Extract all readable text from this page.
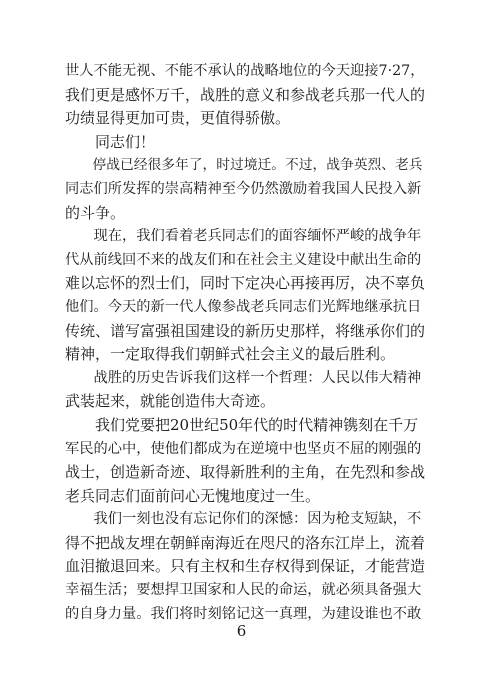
世人不能无视、不能不承认的战略地位的今天迎接7·27，
我们更是感怀万千，战胜的意义和参战老兵那一代人的
功绩显得更加可贵，更值得骄傲。
　　同志们！
　　停战已经很多年了，时过境迁。不过，战争英烈、老兵
同志们所发挥的崇高精神至今仍然激励着我国人民投入新
的斗争。
　　现在，我们看着老兵同志们的面容缅怀严峻的战争年
代从前线回不来的战友们和在社会主义建设中献出生命的
难以忘怀的烈士们，同时下定决心再接再厉，决不辜负
他们。今天的新一代人像参战老兵同志们光辉地继承抗日
传统、谱写富强祖国建设的新历史那样，将继承你们的
精神，一定取得我们朝鲜式社会主义的最后胜利。
　　战胜的历史告诉我们这样一个哲理：人民以伟大精神
武装起来，就能创造伟大奇迹。
　　我们党要把20世纪50年代的时代精神镌刻在千万
军民的心中，使他们都成为在逆境中也坚贞不屈的刚强的
战士，创造新奇迹、取得新胜利的主角，在先烈和参战
老兵同志们面前问心无愧地度过一生。
　　我们一刻也没有忘记你们的深憾：因为枪支短缺，不
得不把战友埋在朝鲜南海近在咫尺的洛东江岸上，流着
血泪撤退回来。只有主权和生存权得到保证，才能营造
幸福生活；要想捍卫国家和人民的命运，就必须具备强大
的自身力量。我们将时刻铭记这一真理，为建设谁也不敢
6
